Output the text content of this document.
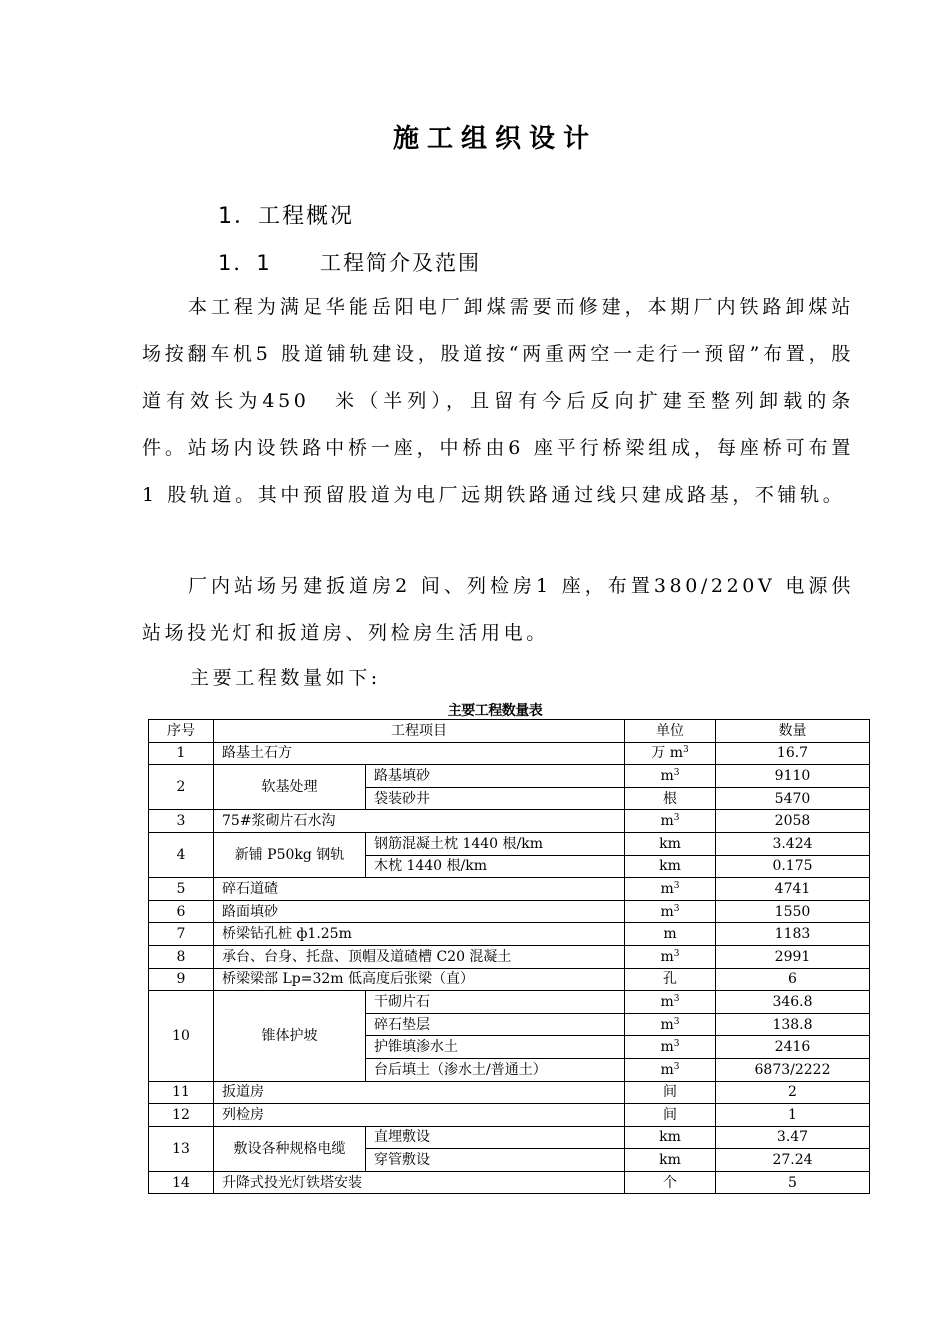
施工组织设计
1．工程概况
1．1 工程简介及范围

本工程为满足华能岳阳电厂卸煤需要而修建，本期厂内铁路卸煤站场按翻车机5 股道铺轨建设，股道按“两重两空一走行一预留”布置，股道有效长为450　米（半列），且留有今后反向扩建至整列卸载的条件。站场内设铁路中桥一座，中桥由6 座平行桥梁组成，每座桥可布置1 股轨道。其中预留股道为电厂远期铁路通过线只建成路基，不铺轨。

厂内站场另建扳道房2 间、列检房1 座，布置380/220V 电源供站场投光灯和扳道房、列检房生活用电。

主要工程数量如下:

主要工程数量表
序号	工程项目		单位	数量
1	路基土石方		万 $m^3$	16.7
2	软基处理	路基填砂	$m^3$	9110
		袋装砂井	根	5470
3	75#浆砌片石水沟		$m^3$	2058
4	新铺 P50kg 钢轨	钢筋混凝土枕 1440 根/km	km	3.424
		木枕 1440 根/km	km	0.175
5	碎石道碴		$m^3$	4741
6	路面填砂		$m^3$	1550
7	桥梁钻孔桩 ф1.25m		m	1183
8	承台、台身、托盘、顶帽及道碴槽 C20 混凝土		$m^3$	2991
9	桥梁梁部 Lp=32m 低高度后张梁（直）		孔	6
10	锥体护坡	干砌片石	$m^3$	346.8
		碎石垫层	$m^3$	138.8
		护锥填渗水土	$m^3$	2416
		台后填土（渗水土/普通土）	$m^3$	6873/2222
11	扳道房		间	2
12	列检房		间	1
13	敷设各种规格电缆	直埋敷设	km	3.47
		穿管敷设	km	27.24
14	升降式投光灯铁塔安装		个	5
